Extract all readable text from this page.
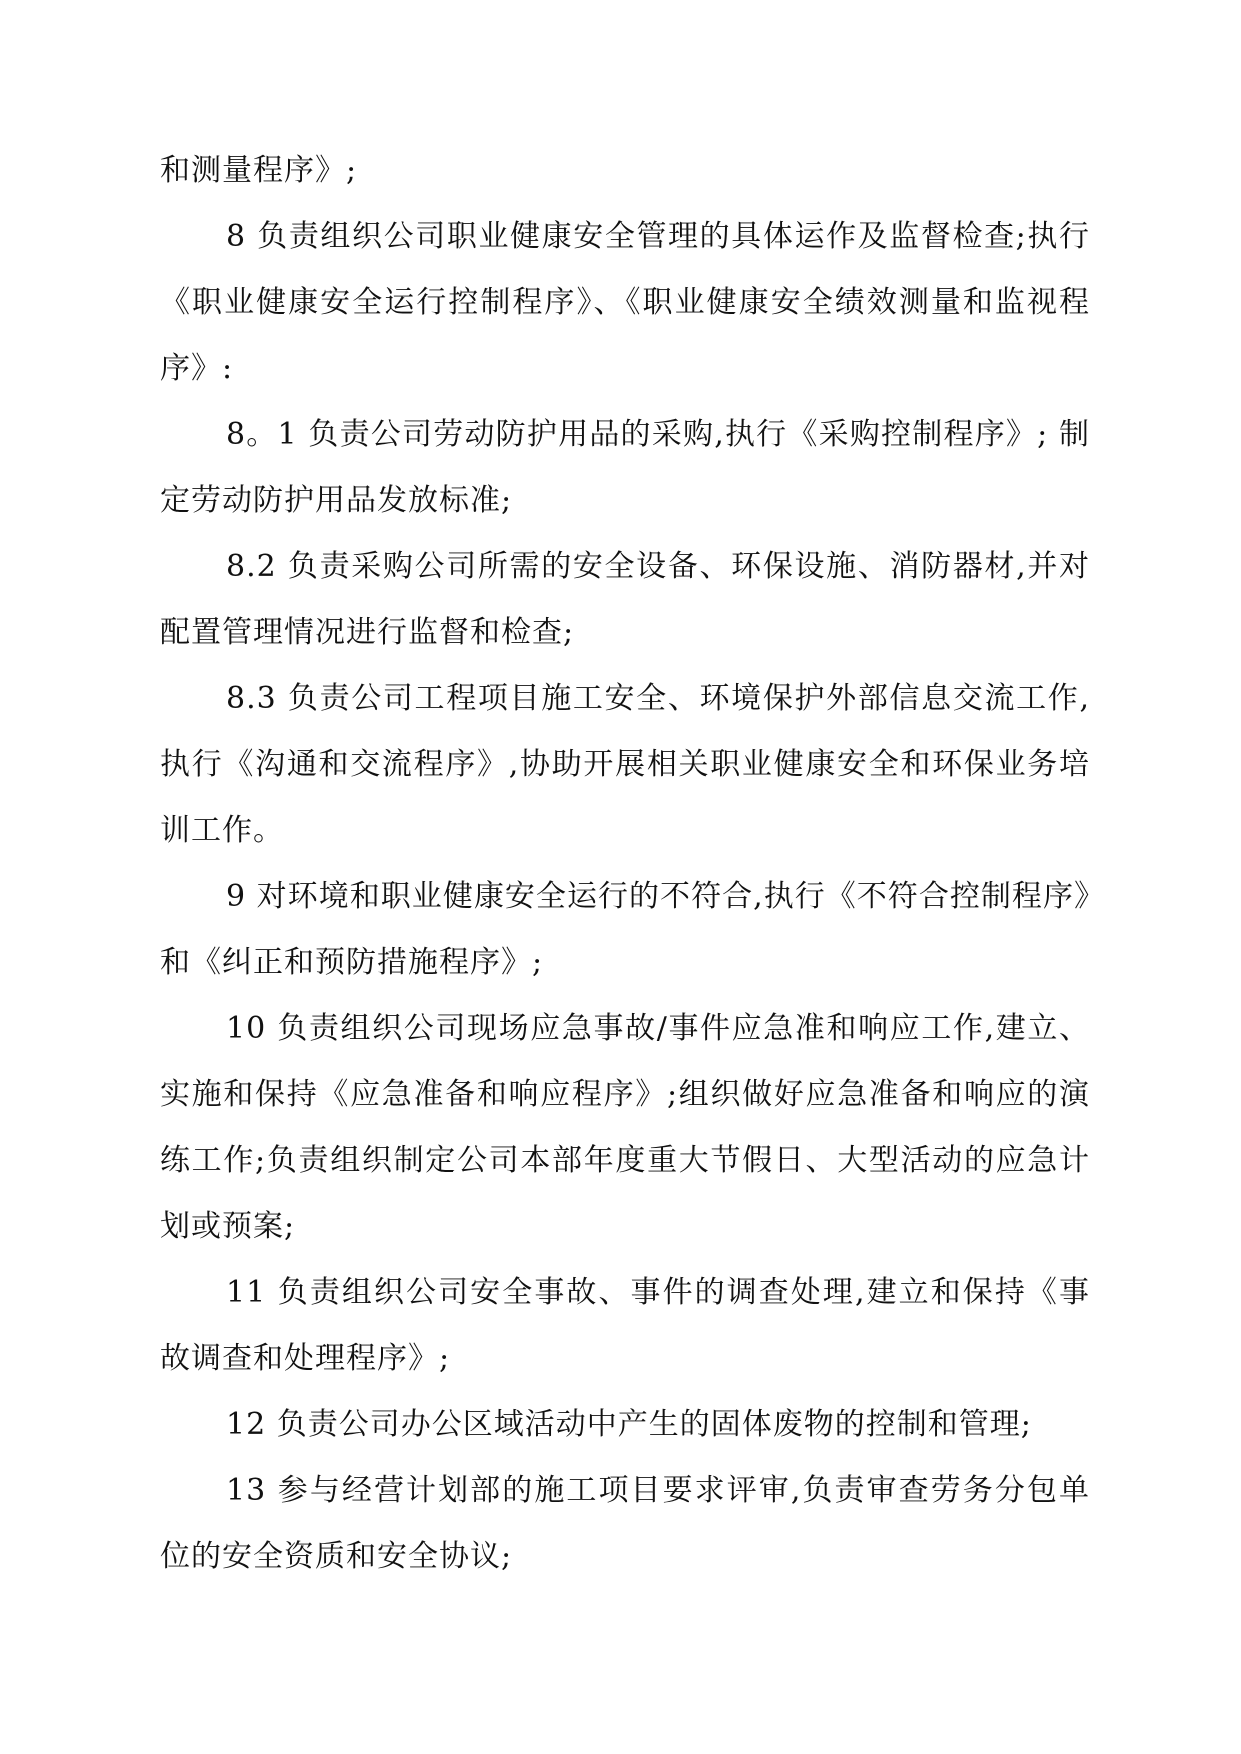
和测量程序》;

8 负责组织公司职业健康安全管理的具体运作及监督检查;执行《职业健康安全运行控制程序》、《职业健康安全绩效测量和监视程序》:

8。1 负责公司劳动防护用品的采购,执行《采购控制程序》; 制定劳动防护用品发放标准;

8.2 负责采购公司所需的安全设备、环保设施、消防器材,并对配置管理情况进行监督和检查;

8.3 负责公司工程项目施工安全、环境保护外部信息交流工作,执行《沟通和交流程序》,协助开展相关职业健康安全和环保业务培训工作。

9 对环境和职业健康安全运行的不符合,执行《不符合控制程序》和《纠正和预防措施程序》;

10 负责组织公司现场应急事故/事件应急准和响应工作,建立、实施和保持《应急准备和响应程序》;组织做好应急准备和响应的演练工作;负责组织制定公司本部年度重大节假日、大型活动的应急计划或预案;

11 负责组织公司安全事故、事件的调查处理,建立和保持《事故调查和处理程序》;

12 负责公司办公区域活动中产生的固体废物的控制和管理;

13 参与经营计划部的施工项目要求评审,负责审查劳务分包单位的安全资质和安全协议;
